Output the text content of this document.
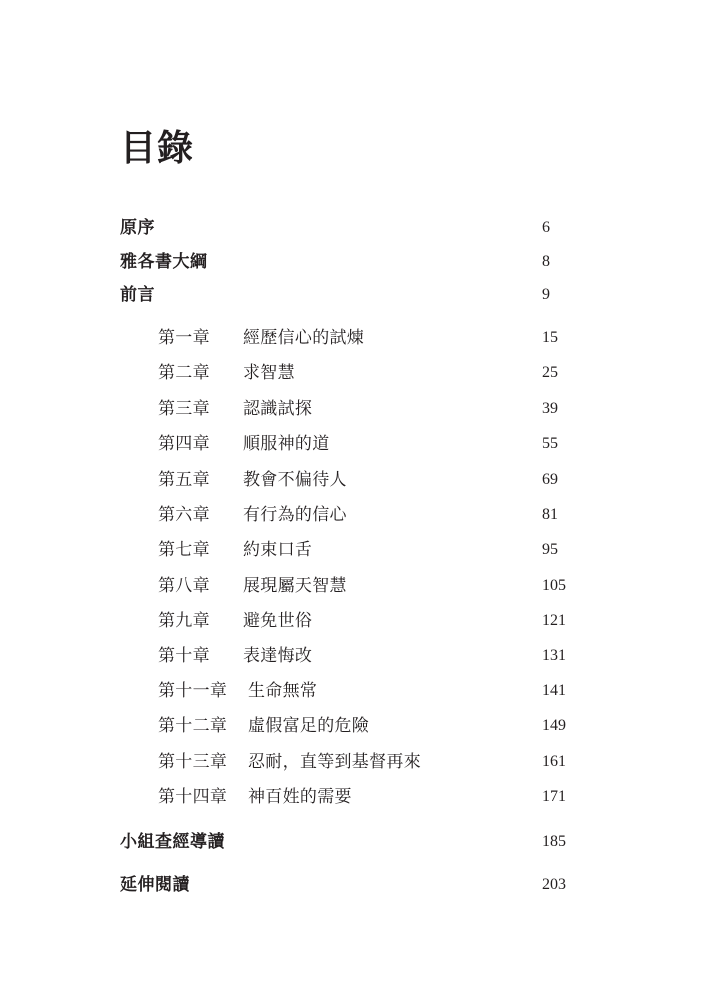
目錄
原序	6
雅各書大綱	8
前言	9
第一章 經歷信心的試煉	15
第二章 求智慧	25
第三章 認識試探	39
第四章 順服神的道	55
第五章 教會不偏待人	69
第六章 有行為的信心	81
第七章 約束口舌	95
第八章 展現屬天智慧	105
第九章 避免世俗	121
第十章 表達悔改	131
第十一章 生命無常	141
第十二章 虛假富足的危險	149
第十三章 忍耐，直等到基督再來	161
第十四章 神百姓的需要	171
小組查經導讀	185
延伸閱讀	203
